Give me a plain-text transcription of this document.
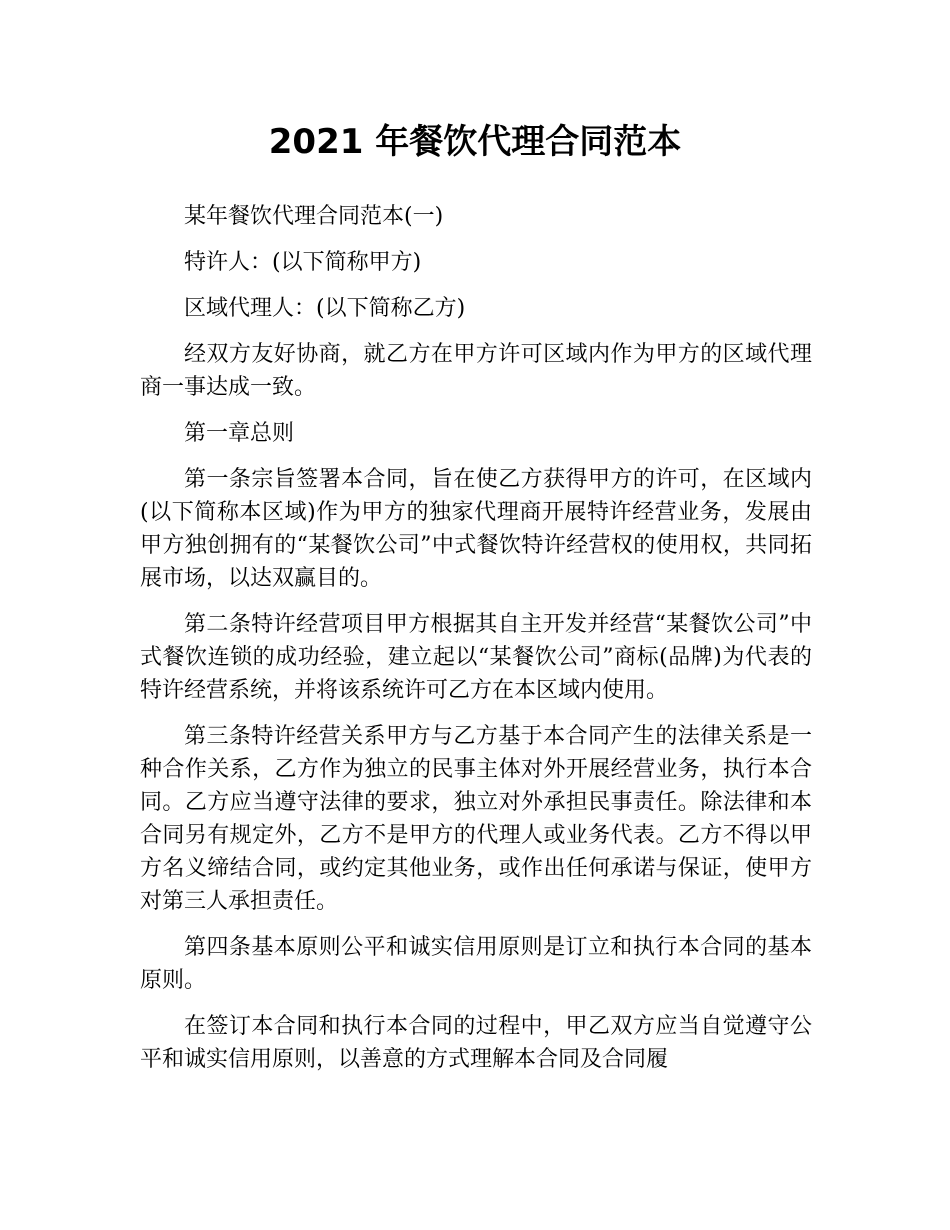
2021 年餐饮代理合同范本

某年餐饮代理合同范本(一)

特许人：(以下简称甲方)

区域代理人：(以下简称乙方)

经双方友好协商，就乙方在甲方许可区域内作为甲方的区域代理商一事达成一致。

第一章总则

第一条宗旨签署本合同，旨在使乙方获得甲方的许可，在区域内(以下简称本区域)作为甲方的独家代理商开展特许经营业务，发展由甲方独创拥有的“某餐饮公司”中式餐饮特许经营权的使用权，共同拓展市场，以达双赢目的。

第二条特许经营项目甲方根据其自主开发并经营“某餐饮公司”中式餐饮连锁的成功经验，建立起以“某餐饮公司”商标(品牌)为代表的特许经营系统，并将该系统许可乙方在本区域内使用。

第三条特许经营关系甲方与乙方基于本合同产生的法律关系是一种合作关系，乙方作为独立的民事主体对外开展经营业务，执行本合同。乙方应当遵守法律的要求，独立对外承担民事责任。除法律和本合同另有规定外，乙方不是甲方的代理人或业务代表。乙方不得以甲方名义缔结合同，或约定其他业务，或作出任何承诺与保证，使甲方对第三人承担责任。

第四条基本原则公平和诚实信用原则是订立和执行本合同的基本原则。

在签订本合同和执行本合同的过程中，甲乙双方应当自觉遵守公平和诚实信用原则，以善意的方式理解本合同及合同履
